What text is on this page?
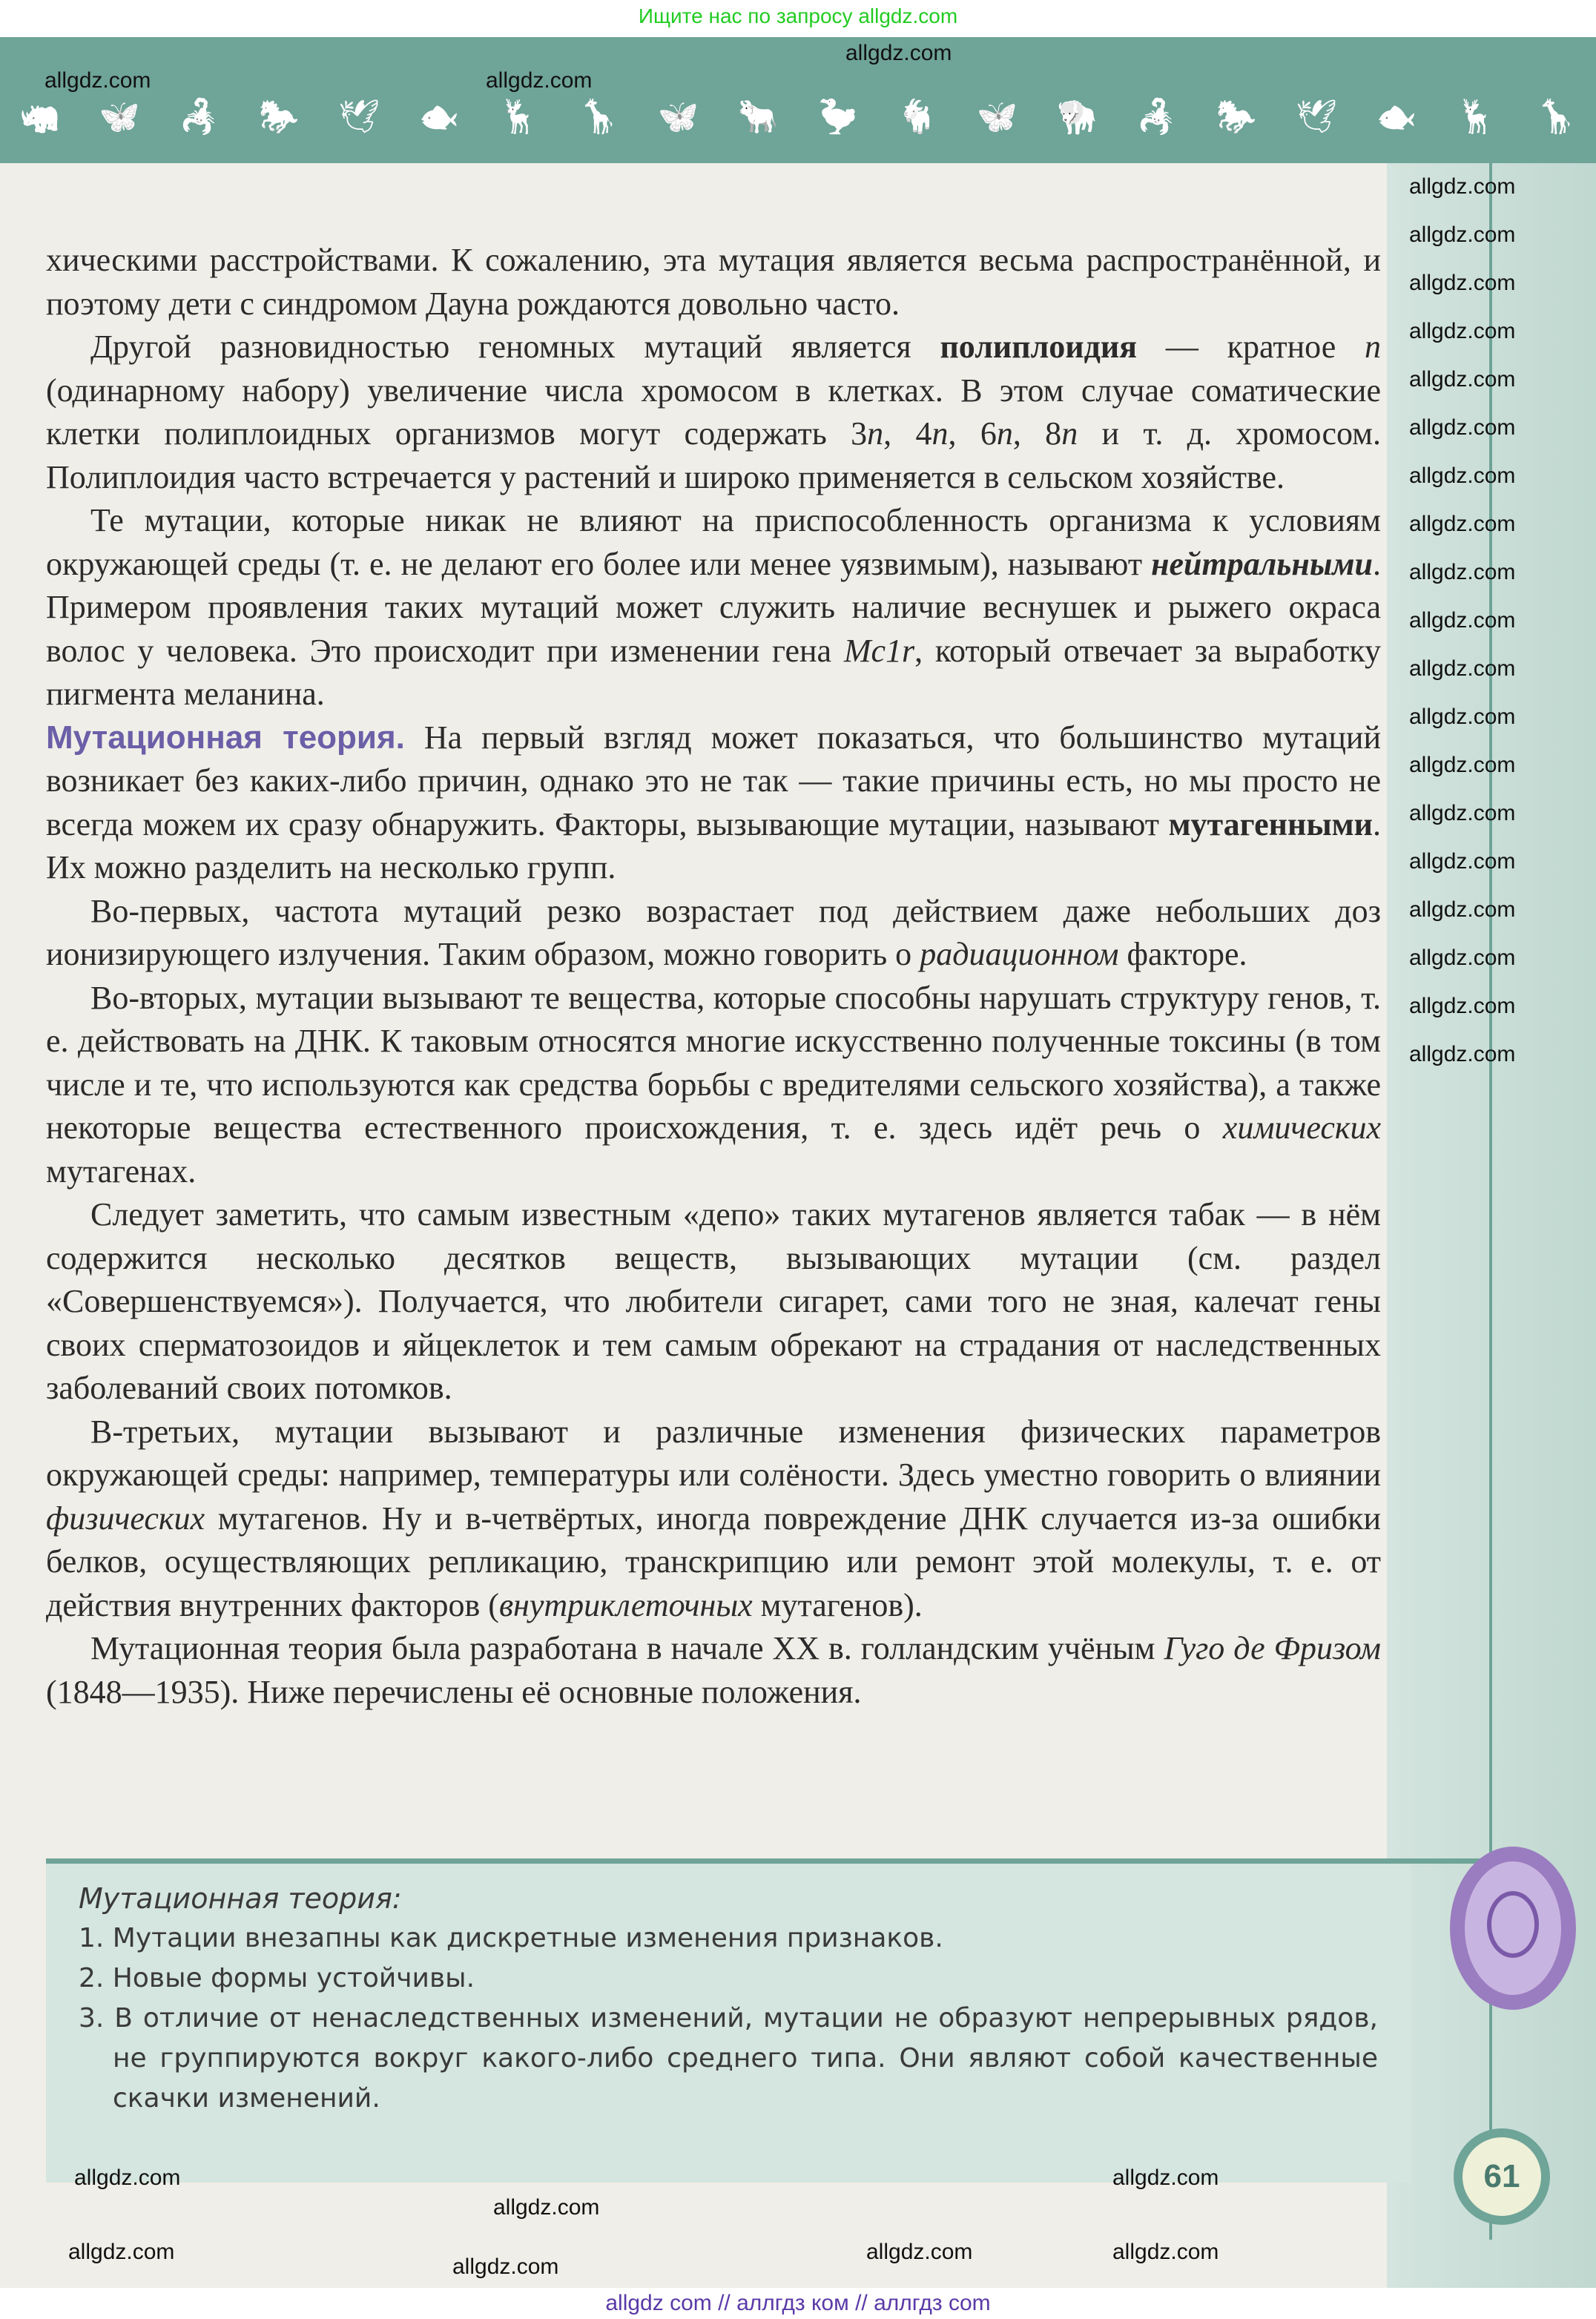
Ищите нас по запросу allgdz.com
🦏 🦋 🦂 🐎 🕊 🐟 🦌 🦒 🦋 🐂 🦤 🐐 🦋 🦬 🦂 🐎 🕊 🐟 🦌 🦒

хическими расстройствами. К сожалению, эта мутация является весьма распространённой, и поэтому дети с синдромом Дауна рождаются довольно часто.

Другой разновидностью геномных мутаций является полиплоидия — кратное n (одинарному набору) увеличение числа хромосом в клетках. В этом случае соматические клетки полиплоидных организмов могут содержать 3n, 4n, 6n, 8n и т. д. хромосом. Полиплоидия часто встречается у растений и широко применяется в сельском хозяйстве.

Те мутации, которые никак не влияют на приспособленность организма к условиям окружающей среды (т. е. не делают его более или менее уязвимым), называют нейтральными. Примером проявления таких мутаций может служить наличие веснушек и рыжего окраса волос у человека. Это происходит при изменении гена Mc1r, который отвечает за выработку пигмента меланина.

Мутационная теория. На первый взгляд может показаться, что большинство мутаций возникает без каких-либо причин, однако это не так — такие причины есть, но мы просто не всегда можем их сразу обнаружить. Факторы, вызывающие мутации, называют мутагенными. Их можно разделить на несколько групп.

Во-первых, частота мутаций резко возрастает под действием даже небольших доз ионизирующего излучения. Таким образом, можно говорить о радиационном факторе.

Во-вторых, мутации вызывают те вещества, которые способны нарушать структуру генов, т. е. действовать на ДНК. К таковым относятся многие искусственно полученные токсины (в том числе и те, что используются как средства борьбы с вредителями сельского хозяйства), а также некоторые вещества естественного происхождения, т. е. здесь идёт речь о химических мутагенах.

Следует заметить, что самым известным «депо» таких мутагенов является табак — в нём содержится несколько десятков веществ, вызывающих мутации (см. раздел «Совершенствуемся»). Получается, что любители сигарет, сами того не зная, калечат гены своих сперматозоидов и яйцеклеток и тем самым обрекают на страдания от наследственных заболеваний своих потомков.

В-третьих, мутации вызывают и различные изменения физических параметров окружающей среды: например, температуры или солёности. Здесь уместно говорить о влиянии физических мутагенов. Ну и в-четвёртых, иногда повреждение ДНК случается из-за ошибки белков, осуществляющих репликацию, транскрипцию или ремонт этой молекулы, т. е. от действия внутренних факторов (внутриклеточных мутагенов).

Мутационная теория была разработана в начале XX в. голландским учёным Гуго де Фризом (1848—1935). Ниже перечислены её основные положения.

Мутационная теория:
1. Мутации внезапны как дискретные изменения признаков.
2. Новые формы устойчивы.
3. В отличие от ненаследственных изменений, мутации не образуют непрерывных рядов, не группируются вокруг какого-либо среднего типа. Они являют собой качественные скачки изменений.
61
allgdz.com
allgdz.com
allgdz.com
allgdz.com
allgdz.com
allgdz.com
allgdz.com
allgdz.com
allgdz.com
allgdz.com
allgdz.com
allgdz.com
allgdz.com
allgdz.com
allgdz.com
allgdz.com
allgdz.com
allgdz.com
allgdz.com
allgdz.com
allgdz.com
allgdz.com
allgdz.com
allgdz.com
allgdz.com
allgdz.com
allgdz.com	allgdz.com
allgdz.com
allgdz com // аллгдз ком // аллгдз com
